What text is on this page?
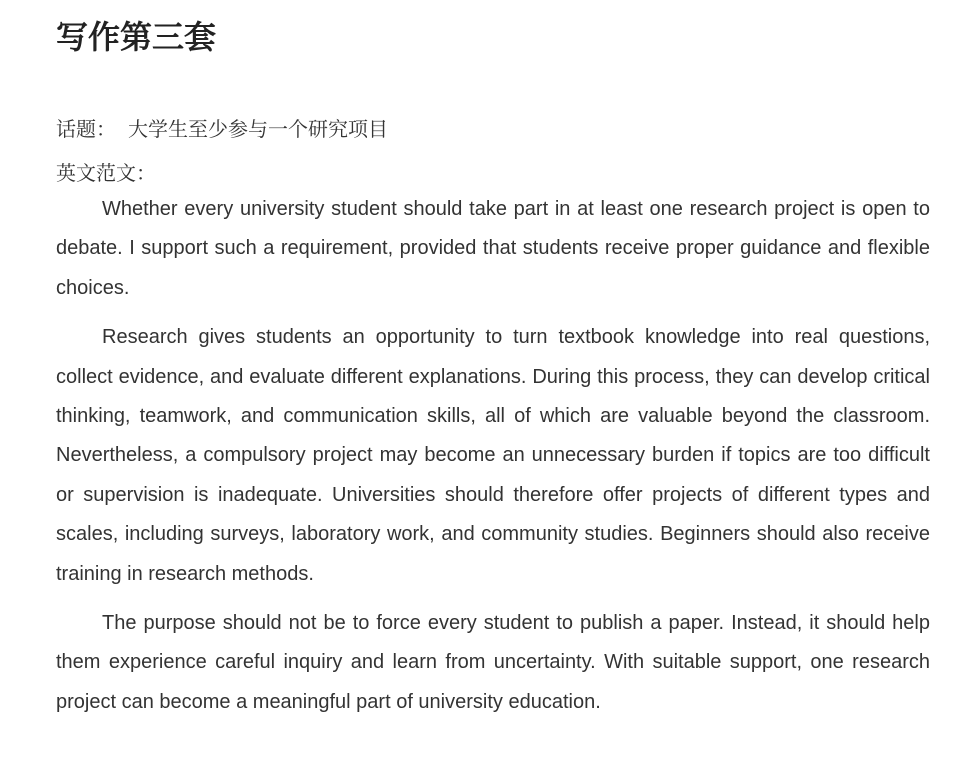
写作第三套
话题： 大学生至少参与一个研究项目
英文范文：

Whether every university student should take part in at least one research project is open to debate. I support such a requirement, provided that students receive proper guidance and flexible choices.

Research gives students an opportunity to turn textbook knowledge into real questions, collect evidence, and evaluate different explanations. During this process, they can develop critical thinking, teamwork, and communication skills, all of which are valuable beyond the classroom. Nevertheless, a compulsory project may become an unnecessary burden if topics are too difficult or supervision is inadequate. Universities should therefore offer projects of different types and scales, including surveys, laboratory work, and community studies. Beginners should also receive training in research methods.

The purpose should not be to force every student to publish a paper. Instead, it should help them experience careful inquiry and learn from uncertainty. With suitable support, one research project can become a meaningful part of university education.
